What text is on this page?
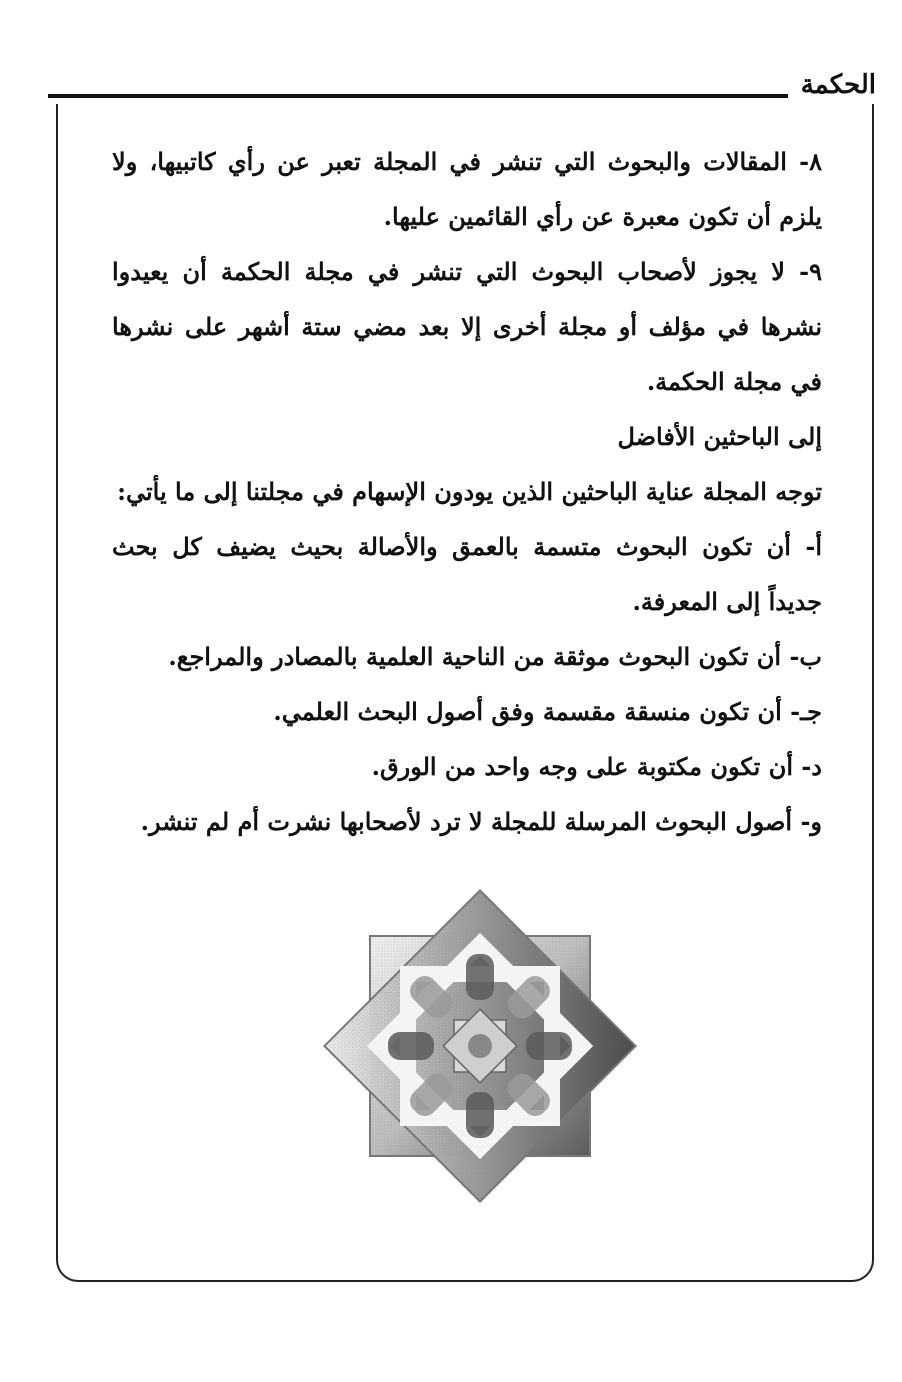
الحكمة

٨- المقالات والبحوث التي تنشر في المجلة تعبر عن رأي كاتبيها، ولا يلزم أن تكون معبرة عن رأي القائمين عليها.

٩- لا يجوز لأصحاب البحوث التي تنشر في مجلة الحكمة أن يعيدوا نشرها في مؤلف أو مجلة أخرى إلا بعد مضي ستة أشهر على نشرها في مجلة الحكمة.

إلى الباحثين الأفاضل

توجه المجلة عناية الباحثين الذين يودون الإسهام في مجلتنا إلى ما يأتي:

أ- أن تكون البحوث متسمة بالعمق والأصالة بحيث يضيف كل بحث جديداً إلى المعرفة.

ب- أن تكون البحوث موثقة من الناحية العلمية بالمصادر والمراجع.

جـ- أن تكون منسقة مقسمة وفق أصول البحث العلمي.

د- أن تكون مكتوبة على وجه واحد من الورق.

و- أصول البحوث المرسلة للمجلة لا ترد لأصحابها نشرت أم لم تنشر.
